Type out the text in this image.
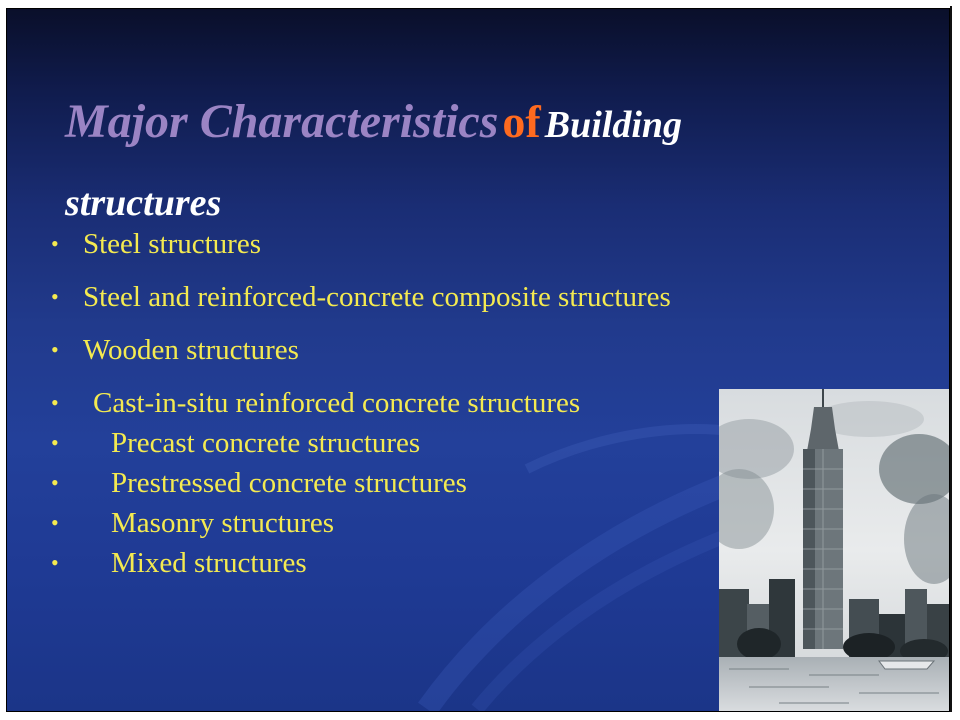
Major Characteristics of Building
structures
• Steel structures
• Steel and reinforced-concrete composite structures
• Wooden structures
• Cast-in-situ reinforced concrete structures
• Precast concrete structures
• Prestressed concrete structures
• Masonry structures
• Mixed structures
